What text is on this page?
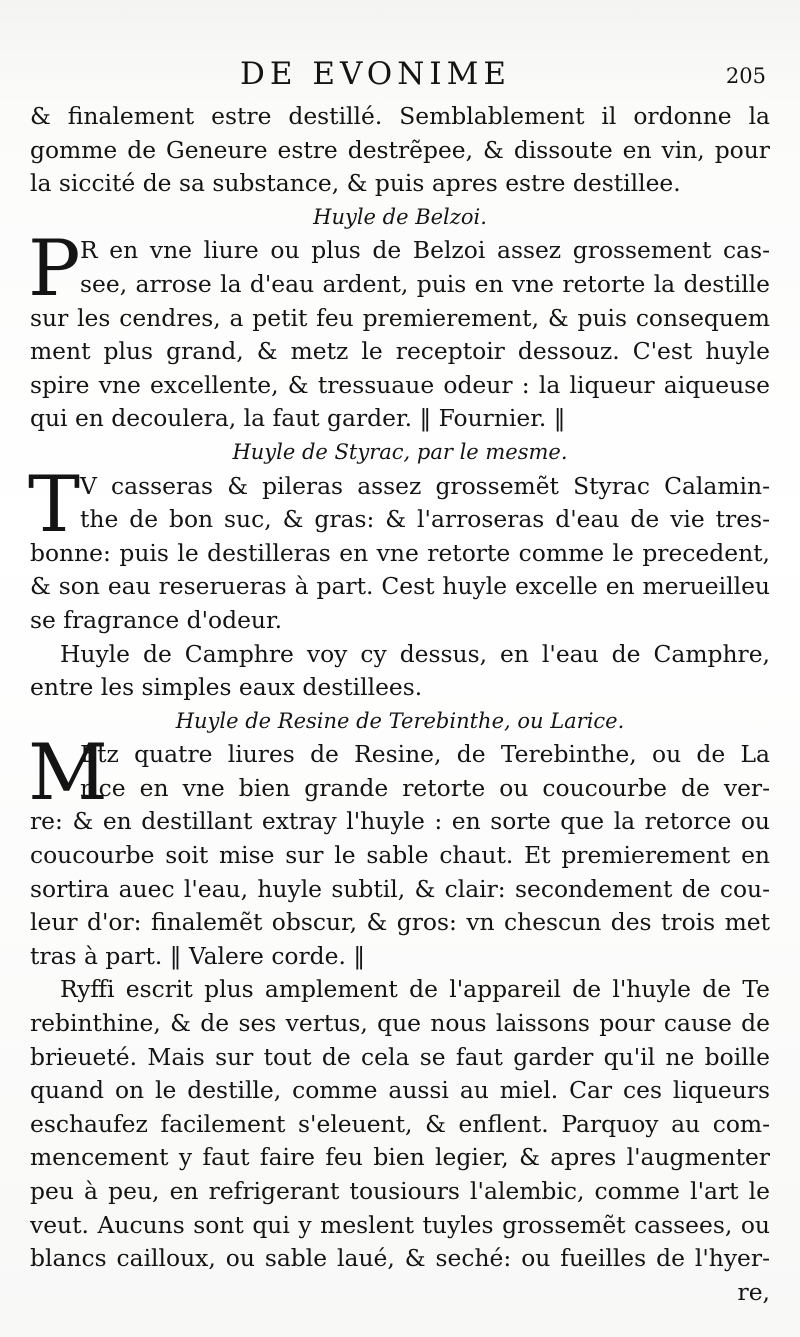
DE EVONIME	205
& finalement estre destillé. Semblablement il ordonne la
gomme de Geneure estre destrẽpee, & dissoute en vin, pour
la siccité de sa substance, & puis apres estre destillee.
Huyle de Belzoi.
P R en vne liure ou plus de Belzoi assez grossement cas-
see, arrose la d'eau ardent, puis en vne retorte la destille
sur les cendres, a petit feu premierement, & puis consequem
ment plus grand, & metz le receptoir dessouz. C'est huyle
spire vne excellente, & tressuaue odeur : la liqueur aiqueuse
qui en decoulera, la faut garder. ‖ Fournier. ‖
Huyle de Styrac, par le mesme.
T V casseras & pileras assez grossemẽt Styrac Calamin-
the de bon suc, & gras: & l'arroseras d'eau de vie tres-
bonne: puis le destilleras en vne retorte comme le precedent,
& son eau reserueras à part. Cest huyle excelle en merueilleu
se fragrance d'odeur.
Huyle de Camphre voy cy dessus, en l'eau de Camphre,
entre les simples eaux destillees.
Huyle de Resine de Terebinthe, ou Larice.
M
Etz quatre liures de Resine, de Terebinthe, ou de La
rice en vne bien grande retorte ou coucourbe de ver-
re: & en destillant extray l'huyle : en sorte que la retorce ou
coucourbe soit mise sur le sable chaut. Et premierement en
sortira auec l'eau, huyle subtil, & clair: secondement de cou-
leur d'or: finalemẽt obscur, & gros: vn chescun des trois met
tras à part. ‖ Valere corde. ‖
Ryffi escrit plus amplement de l'appareil de l'huyle de Te
rebinthine, & de ses vertus, que nous laissons pour cause de
brieueté. Mais sur tout de cela se faut garder qu'il ne boille
quand on le destille, comme aussi au miel. Car ces liqueurs
eschaufez facilement s'eleuent, & enflent. Parquoy au com-
mencement y faut faire feu bien legier, & apres l'augmenter
peu à peu, en refrigerant tousiours l'alembic, comme l'art le
veut. Aucuns sont qui y meslent tuyles grossemẽt cassees, ou
blancs cailloux, ou sable laué, & seché: ou fueilles de l'hyer-
re,
